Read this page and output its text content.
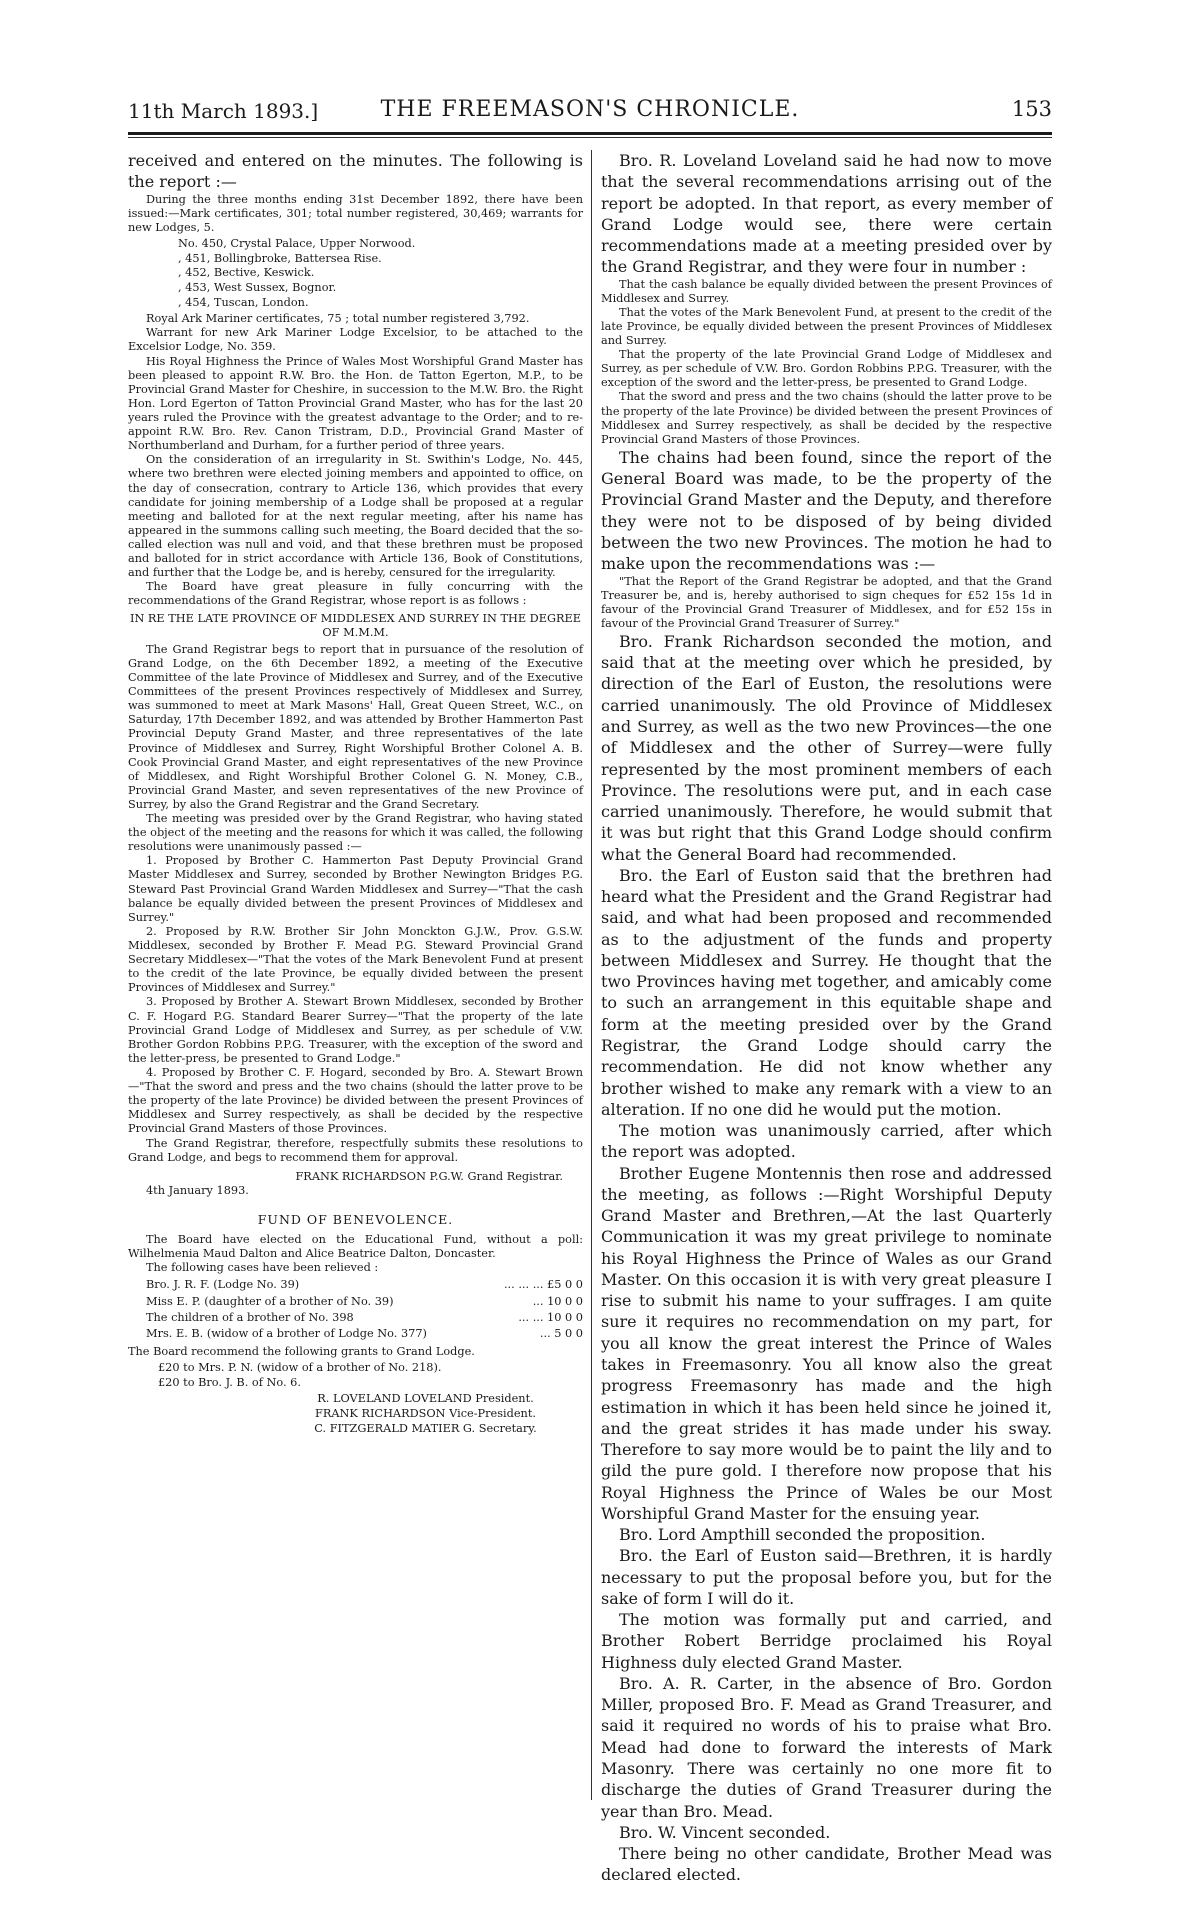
11th March 1893.]	THE FREEMASON'S CHRONICLE.	153

received and entered on the minutes. The following is the report :—

During the three months ending 31st December 1892, there have been issued:—Mark certificates, 301; total number registered, 30,469; warrants for new Lodges, 5.

No. 450, Crystal Palace, Upper Norwood.
, 451, Bollingbroke, Battersea Rise.
, 452, Bective, Keswick.
, 453, West Sussex, Bognor.
, 454, Tuscan, London.

Royal Ark Mariner certificates, 75 ; total number registered 3,792.

Warrant for new Ark Mariner Lodge Excelsior, to be attached to the Excelsior Lodge, No. 359.

His Royal Highness the Prince of Wales Most Worshipful Grand Master has been pleased to appoint R.W. Bro. the Hon. de Tatton Egerton, M.P., to be Provincial Grand Master for Cheshire, in succession to the M.W. Bro. the Right Hon. Lord Egerton of Tatton Provincial Grand Master, who has for the last 20 years ruled the Province with the greatest advantage to the Order; and to re-appoint R.W. Bro. Rev. Canon Tristram, D.D., Provincial Grand Master of Northumberland and Durham, for a further period of three years.

On the consideration of an irregularity in St. Swithin's Lodge, No. 445, where two brethren were elected joining members and appointed to office, on the day of consecration, contrary to Article 136, which provides that every candidate for joining membership of a Lodge shall be proposed at a regular meeting and balloted for at the next regular meeting, after his name has appeared in the summons calling such meeting, the Board decided that the so-called election was null and void, and that these brethren must be proposed and balloted for in strict accordance with Article 136, Book of Constitutions, and further that the Lodge be, and is hereby, censured for the irregularity.

The Board have great pleasure in fully concurring with the recommendations of the Grand Registrar, whose report is as follows :

IN RE THE LATE PROVINCE OF MIDDLESEX AND SURREY IN THE DEGREE OF M.M.M.

The Grand Registrar begs to report that in pursuance of the resolution of Grand Lodge, on the 6th December 1892, a meeting of the Executive Committee of the late Province of Middlesex and Surrey, and of the Executive Committees of the present Provinces respectively of Middlesex and Surrey, was summoned to meet at Mark Masons' Hall, Great Queen Street, W.C., on Saturday, 17th December 1892, and was attended by Brother Hammerton Past Provincial Deputy Grand Master, and three representatives of the late Province of Middlesex and Surrey, Right Worshipful Brother Colonel A. B. Cook Provincial Grand Master, and eight representatives of the new Province of Middlesex, and Right Worshipful Brother Colonel G. N. Money, C.B., Provincial Grand Master, and seven representatives of the new Province of Surrey, by also the Grand Registrar and the Grand Secretary.

The meeting was presided over by the Grand Registrar, who having stated the object of the meeting and the reasons for which it was called, the following resolutions were unanimously passed :—

1. Proposed by Brother C. Hammerton Past Deputy Provincial Grand Master Middlesex and Surrey, seconded by Brother Newington Bridges P.G. Steward Past Provincial Grand Warden Middlesex and Surrey—"That the cash balance be equally divided between the present Provinces of Middlesex and Surrey."

2. Proposed by R.W. Brother Sir John Monckton G.J.W., Prov. G.S.W. Middlesex, seconded by Brother F. Mead P.G. Steward Provincial Grand Secretary Middlesex—"That the votes of the Mark Benevolent Fund at present to the credit of the late Province, be equally divided between the present Provinces of Middlesex and Surrey."

3. Proposed by Brother A. Stewart Brown Middlesex, seconded by Brother C. F. Hogard P.G. Standard Bearer Surrey—"That the property of the late Provincial Grand Lodge of Middlesex and Surrey, as per schedule of V.W. Brother Gordon Robbins P.P.G. Treasurer, with the exception of the sword and the letter-press, be presented to Grand Lodge."

4. Proposed by Brother C. F. Hogard, seconded by Bro. A. Stewart Brown—"That the sword and press and the two chains (should the latter prove to be the property of the late Province) be divided between the present Provinces of Middlesex and Surrey respectively, as shall be decided by the respective Provincial Grand Masters of those Provinces.

The Grand Registrar, therefore, respectfully submits these resolutions to Grand Lodge, and begs to recommend them for approval.

FRANK RICHARDSON P.G.W. Grand Registrar.

4th January 1893.

FUND OF BENEVOLENCE.

The Board have elected on the Educational Fund, without a poll: Wilhelmenia Maud Dalton and Alice Beatrice Dalton, Doncaster.

The following cases have been relieved :

Bro. J. R. F. (Lodge No. 39)	... ... ... £5 0 0
Miss E. P. (daughter of a brother of No. 39)	... 10 0 0
The children of a brother of No. 398	... ... 10 0 0
Mrs. E. B. (widow of a brother of Lodge No. 377)	... 5 0 0

The Board recommend the following grants to Grand Lodge.

£20 to Mrs. P. N. (widow of a brother of No. 218).
£20 to Bro. J. B. of No. 6.
R. LOVELAND LOVELAND President.
FRANK RICHARDSON Vice-President.
C. FITZGERALD MATIER G. Secretary.

Bro. R. Loveland Loveland said he had now to move that the several recommendations arrising out of the report be adopted. In that report, as every member of Grand Lodge would see, there were certain recommendations made at a meeting presided over by the Grand Registrar, and they were four in number :

That the cash balance be equally divided between the present Provinces of Middlesex and Surrey.

That the votes of the Mark Benevolent Fund, at present to the credit of the late Province, be equally divided between the present Provinces of Middlesex and Surrey.

That the property of the late Provincial Grand Lodge of Middlesex and Surrey, as per schedule of V.W. Bro. Gordon Robbins P.P.G. Treasurer, with the exception of the sword and the letter-press, be presented to Grand Lodge.

That the sword and press and the two chains (should the latter prove to be the property of the late Province) be divided between the present Provinces of Middlesex and Surrey respectively, as shall be decided by the respective Provincial Grand Masters of those Provinces.

The chains had been found, since the report of the General Board was made, to be the property of the Provincial Grand Master and the Deputy, and therefore they were not to be disposed of by being divided between the two new Provinces. The motion he had to make upon the recommendations was :—

"That the Report of the Grand Registrar be adopted, and that the Grand Treasurer be, and is, hereby authorised to sign cheques for £52 15s 1d in favour of the Provincial Grand Treasurer of Middlesex, and for £52 15s in favour of the Provincial Grand Treasurer of Surrey."

Bro. Frank Richardson seconded the motion, and said that at the meeting over which he presided, by direction of the Earl of Euston, the resolutions were carried unanimously. The old Province of Middlesex and Surrey, as well as the two new Provinces—the one of Middlesex and the other of Surrey—were fully represented by the most prominent members of each Province. The resolutions were put, and in each case carried unanimously. Therefore, he would submit that it was but right that this Grand Lodge should confirm what the General Board had recommended.

Bro. the Earl of Euston said that the brethren had heard what the President and the Grand Registrar had said, and what had been proposed and recommended as to the adjustment of the funds and property between Middlesex and Surrey. He thought that the two Provinces having met together, and amicably come to such an arrangement in this equitable shape and form at the meeting presided over by the Grand Registrar, the Grand Lodge should carry the recommendation. He did not know whether any brother wished to make any remark with a view to an alteration. If no one did he would put the motion.

The motion was unanimously carried, after which the report was adopted.

Brother Eugene Montennis then rose and addressed the meeting, as follows :—Right Worshipful Deputy Grand Master and Brethren,—At the last Quarterly Communication it was my great privilege to nominate his Royal Highness the Prince of Wales as our Grand Master. On this occasion it is with very great pleasure I rise to submit his name to your suffrages. I am quite sure it requires no recommendation on my part, for you all know the great interest the Prince of Wales takes in Freemasonry. You all know also the great progress Freemasonry has made and the high estimation in which it has been held since he joined it, and the great strides it has made under his sway. Therefore to say more would be to paint the lily and to gild the pure gold. I therefore now propose that his Royal Highness the Prince of Wales be our Most Worshipful Grand Master for the ensuing year.

Bro. Lord Ampthill seconded the proposition.

Bro. the Earl of Euston said—Brethren, it is hardly necessary to put the proposal before you, but for the sake of form I will do it.

The motion was formally put and carried, and Brother Robert Berridge proclaimed his Royal Highness duly elected Grand Master.

Bro. A. R. Carter, in the absence of Bro. Gordon Miller, proposed Bro. F. Mead as Grand Treasurer, and said it required no words of his to praise what Bro. Mead had done to forward the interests of Mark Masonry. There was certainly no one more fit to discharge the duties of Grand Treasurer during the year than Bro. Mead.

Bro. W. Vincent seconded.

There being no other candidate, Brother Mead was declared elected.
